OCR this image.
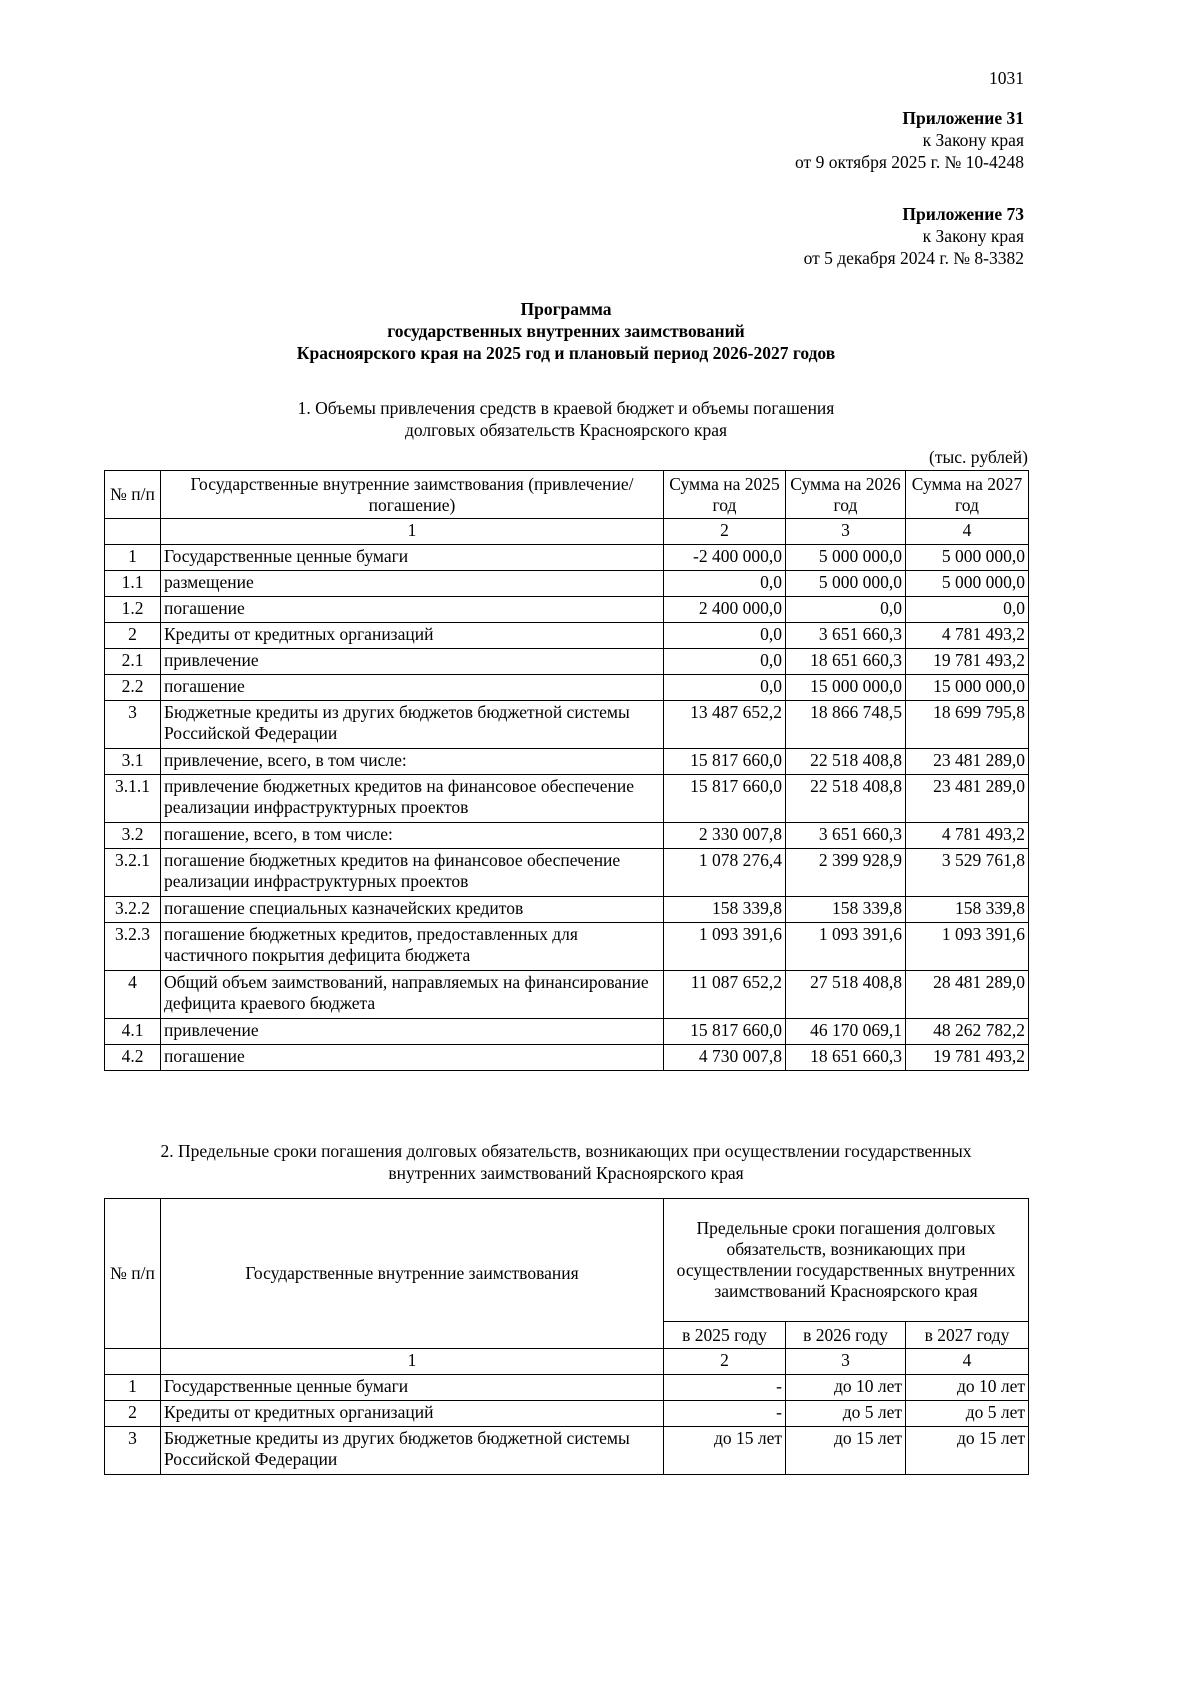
1031
Приложение 31
к Закону края
от 9 октября 2025 г. № 10-4248
Приложение 73
к Закону края
от 5 декабря 2024 г. № 8-3382
Программа
государственных внутренних заимствований
Красноярского края на 2025 год и плановый период 2026-2027 годов
1. Объемы привлечения средств в краевой бюджет и объемы погашения
долговых обязательств Красноярского края
(тыс. рублей)
№ п/п	Государственные внутренние заимствования (привлечение/погашение)	Сумма на 2025 год	Сумма на 2026 год	Сумма на 2027 год
	1	2	3	4
1	Государственные ценные бумаги	-2 400 000,0	5 000 000,0	5 000 000,0
1.1	размещение	0,0	5 000 000,0	5 000 000,0
1.2	погашение	2 400 000,0	0,0	0,0
2	Кредиты от кредитных организаций	0,0	3 651 660,3	4 781 493,2
2.1	привлечение	0,0	18 651 660,3	19 781 493,2
2.2	погашение	0,0	15 000 000,0	15 000 000,0
3	Бюджетные кредиты из других бюджетов бюджетной системы Российской Федерации	13 487 652,2	18 866 748,5	18 699 795,8
3.1	привлечение, всего, в том числе:	15 817 660,0	22 518 408,8	23 481 289,0
3.1.1	привлечение бюджетных кредитов на финансовое обеспечение реализации инфраструктурных проектов	15 817 660,0	22 518 408,8	23 481 289,0
3.2	погашение, всего, в том числе:	2 330 007,8	3 651 660,3	4 781 493,2
3.2.1	погашение бюджетных кредитов на финансовое обеспечение реализации инфраструктурных проектов	1 078 276,4	2 399 928,9	3 529 761,8
3.2.2	погашение специальных казначейских кредитов	158 339,8	158 339,8	158 339,8
3.2.3	погашение бюджетных кредитов, предоставленных для частичного покрытия дефицита бюджета	1 093 391,6	1 093 391,6	1 093 391,6
4	Общий объем заимствований, направляемых на финансирование дефицита краевого бюджета	11 087 652,2	27 518 408,8	28 481 289,0
4.1	привлечение	15 817 660,0	46 170 069,1	48 262 782,2
4.2	погашение	4 730 007,8	18 651 660,3	19 781 493,2
2. Предельные сроки погашения долговых обязательств, возникающих при осуществлении государственных
внутренних заимствований Красноярского края
№ п/п	Государственные внутренние заимствования	Предельные сроки погашения долговых обязательств, возникающих при осуществлении государственных внутренних заимствований Красноярского края		
		в 2025 году	в 2026 году	в 2027 году
	1	2	3	4
1	Государственные ценные бумаги	-	до 10 лет	до 10 лет
2	Кредиты от кредитных организаций	-	до 5 лет	до 5 лет
3	Бюджетные кредиты из других бюджетов бюджетной системы Российской Федерации	до 15 лет	до 15 лет	до 15 лет
